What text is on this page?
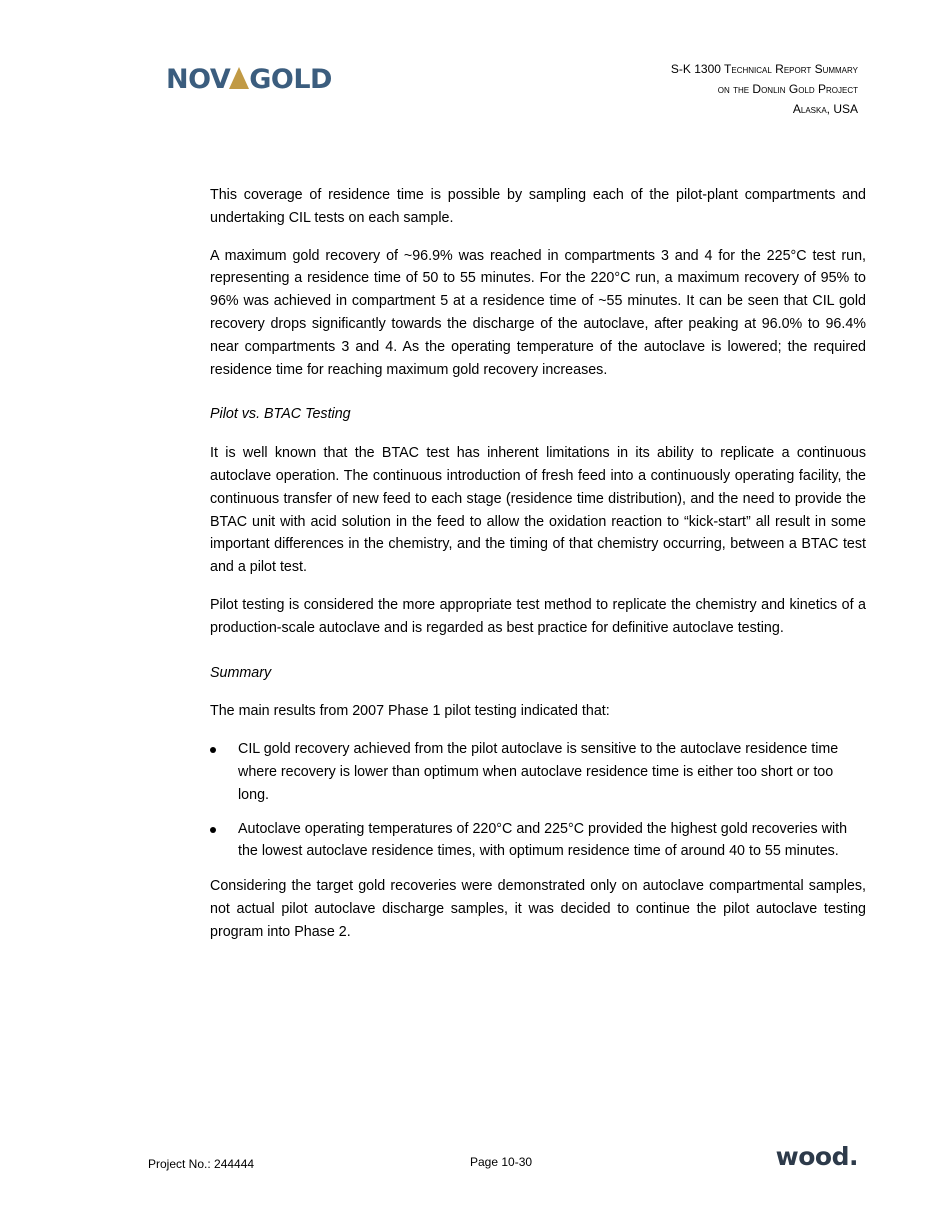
NOV GOLD	S-K 1300 Technical Report Summary
on the Donlin Gold Project
Alaska, USA

This coverage of residence time is possible by sampling each of the pilot-plant compartments and undertaking CIL tests on each sample.

A maximum gold recovery of ~96.9% was reached in compartments 3 and 4 for the 225°C test run, representing a residence time of 50 to 55 minutes. For the 220°C run, a maximum recovery of 95% to 96% was achieved in compartment 5 at a residence time of ~55 minutes. It can be seen that CIL gold recovery drops significantly towards the discharge of the autoclave, after peaking at 96.0% to 96.4% near compartments 3 and 4. As the operating temperature of the autoclave is lowered; the required residence time for reaching maximum gold recovery increases.

Pilot vs. BTAC Testing

It is well known that the BTAC test has inherent limitations in its ability to replicate a continuous autoclave operation. The continuous introduction of fresh feed into a continuously operating facility, the continuous transfer of new feed to each stage (residence time distribution), and the need to provide the BTAC unit with acid solution in the feed to allow the oxidation reaction to “kick-start” all result in some important differences in the chemistry, and the timing of that chemistry occurring, between a BTAC test and a pilot test.

Pilot testing is considered the more appropriate test method to replicate the chemistry and kinetics of a production-scale autoclave and is regarded as best practice for definitive autoclave testing.

Summary

The main results from 2007 Phase 1 pilot testing indicated that:

CIL gold recovery achieved from the pilot autoclave is sensitive to the autoclave residence time where recovery is lower than optimum when autoclave residence time is either too short or too long.
Autoclave operating temperatures of 220°C and 225°C provided the highest gold recoveries with the lowest autoclave residence times, with optimum residence time of around 40 to 55 minutes.

Considering the target gold recoveries were demonstrated only on autoclave compartmental samples, not actual pilot autoclave discharge samples, it was decided to continue the pilot autoclave testing program into Phase 2.

Project No.: 244444	Page 10-30	wood.
